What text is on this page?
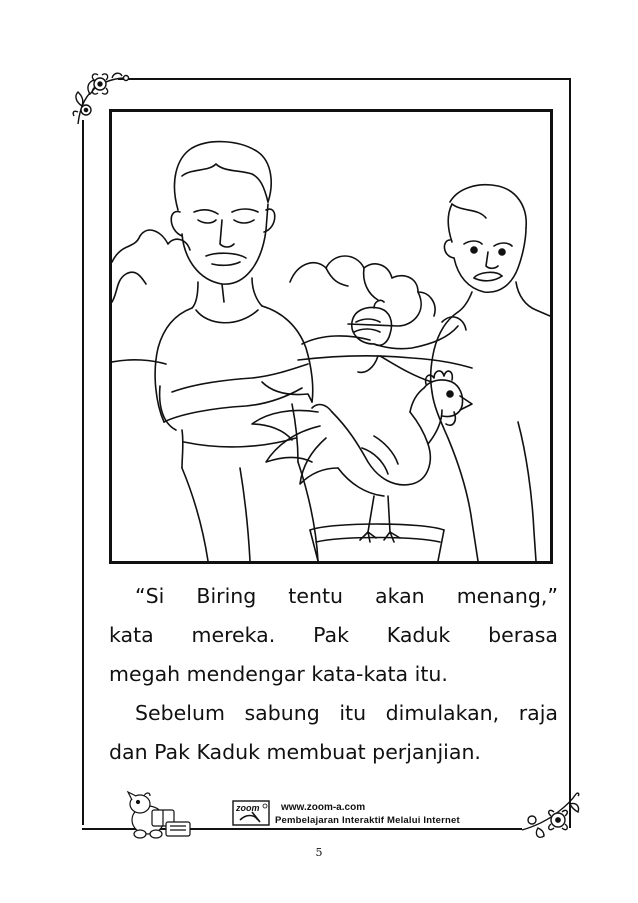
“Si Biring tentu akan menang,”

kata mereka. Pak Kaduk berasa

megah mendengar kata-kata itu.

Sebelum sabung itu dimulakan, raja

dan Pak Kaduk membuat perjanjian.

zoom www.zoom-a.com
Pembelajaran Interaktif Melalui Internet
5
